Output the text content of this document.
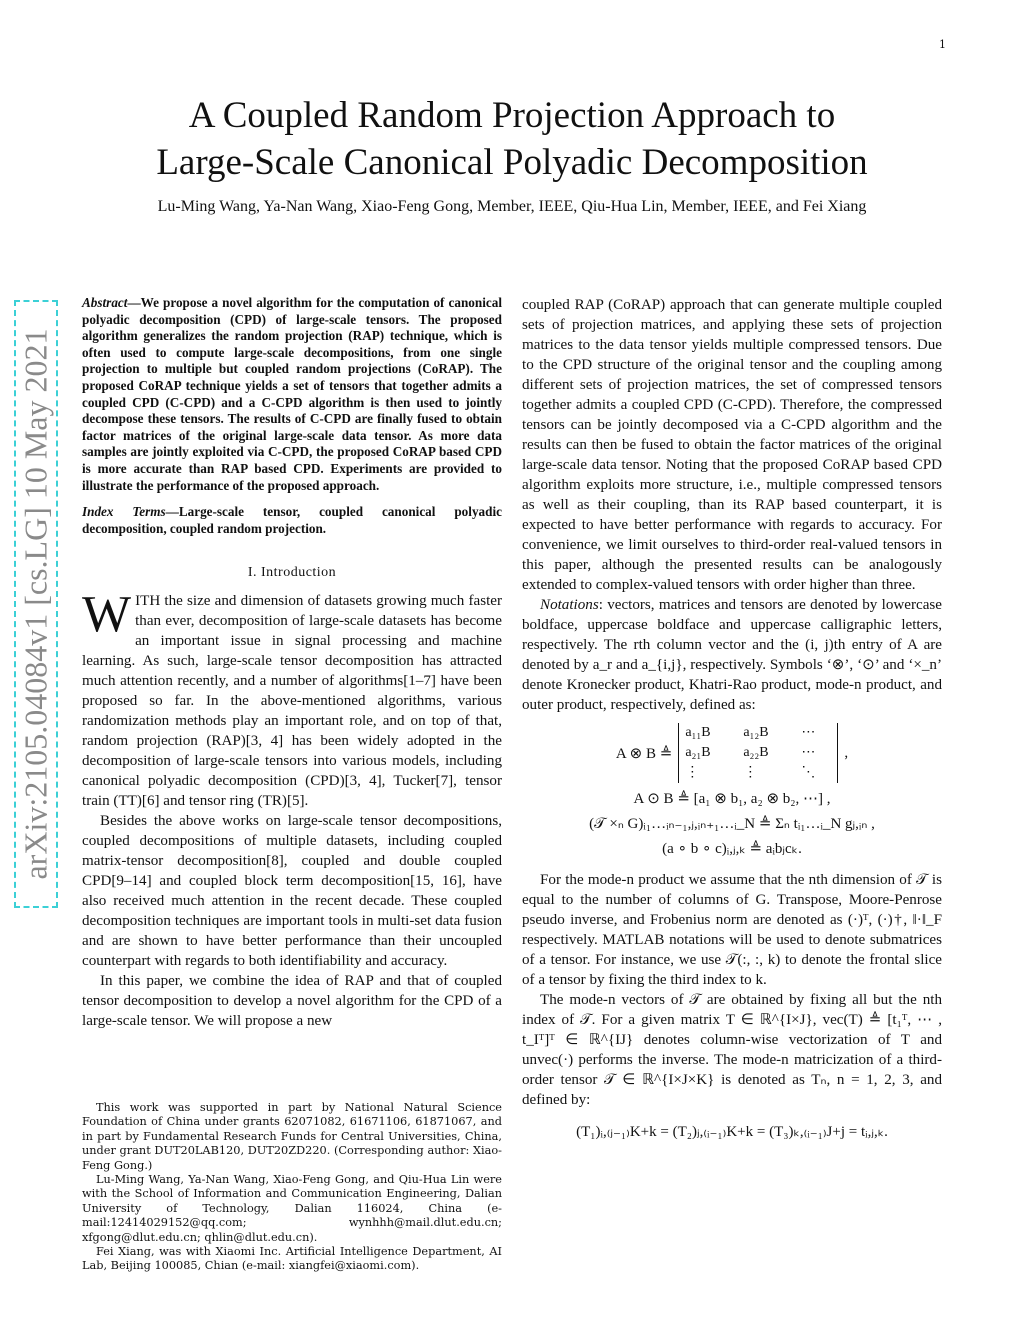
1
A Coupled Random Projection Approach to
Large-Scale Canonical Polyadic Decomposition
Lu-Ming Wang, Ya-Nan Wang, Xiao-Feng Gong, Member, IEEE, Qiu-Hua Lin, Member, IEEE, and Fei Xiang
arXiv:2105.04084v1 [cs.LG] 10 May 2021

Abstract—We propose a novel algorithm for the computation of canonical polyadic decomposition (CPD) of large-scale tensors. The proposed algorithm generalizes the random projection (RAP) technique, which is often used to compute large-scale decompositions, from one single projection to multiple but coupled random projections (CoRAP). The proposed CoRAP technique yields a set of tensors that together admits a coupled CPD (C-CPD) and a C-CPD algorithm is then used to jointly decompose these tensors. The results of C-CPD are finally fused to obtain factor matrices of the original large-scale data tensor. As more data samples are jointly exploited via C-CPD, the proposed CoRAP based CPD is more accurate than RAP based CPD. Experiments are provided to illustrate the performance of the proposed approach.

Index Terms—Large-scale tensor, coupled canonical polyadic decomposition, coupled random projection.

I. Introduction

WITH the size and dimension of datasets growing much faster than ever, decomposition of large-scale datasets has become an important issue in signal processing and machine learning. As such, large-scale tensor decomposition has attracted much attention recently, and a number of algorithms[1–7] have been proposed so far. In the above-mentioned algorithms, various randomization methods play an important role, and on top of that, random projection (RAP)[3, 4] has been widely adopted in the decomposition of large-scale tensors into various models, including canonical polyadic decomposition (CPD)[3, 4], Tucker[7], tensor train (TT)[6] and tensor ring (TR)[5].

Besides the above works on large-scale tensor decompositions, coupled decompositions of multiple datasets, including coupled matrix-tensor decomposition[8], coupled and double coupled CPD[9–14] and coupled block term decomposition[15, 16], have also received much attention in the recent decade. These coupled decomposition techniques are important tools in multi-set data fusion and are shown to have better performance than their uncoupled counterpart with regards to both identifiability and accuracy.

In this paper, we combine the idea of RAP and that of coupled tensor decomposition to develop a novel algorithm for the CPD of a large-scale tensor. We will propose a new

This work was supported in part by National Natural Science Foundation of China under grants 62071082, 61671106, 61871067, and in part by Fundamental Research Funds for Central Universities, China, under grant DUT20LAB120, DUT20ZD220. (Corresponding author: Xiao-Feng Gong.)

Lu-Ming Wang, Ya-Nan Wang, Xiao-Feng Gong, and Qiu-Hua Lin were with the School of Information and Communication Engineering, Dalian University of Technology, Dalian 116024, China (e-mail:12414029152@qq.com; wynhhh@mail.dlut.edu.cn; xfgong@dlut.edu.cn; qhlin@dlut.edu.cn).

Fei Xiang, was with Xiaomi Inc. Artificial Intelligence Department, AI Lab, Beijing 100085, Chian (e-mail: xiangfei@xiaomi.com).

coupled RAP (CoRAP) approach that can generate multiple coupled sets of projection matrices, and applying these sets of projection matrices to the data tensor yields multiple compressed tensors. Due to the CPD structure of the original tensor and the coupling among different sets of projection matrices, the set of compressed tensors together admits a coupled CPD (C-CPD). Therefore, the compressed tensors can be jointly decomposed via a C-CPD algorithm and the results can then be fused to obtain the factor matrices of the original large-scale data tensor. Noting that the proposed CoRAP based CPD algorithm exploits more structure, i.e., multiple compressed tensors as well as their coupling, than its RAP based counterpart, it is expected to have better performance with regards to accuracy. For convenience, we limit ourselves to third-order real-valued tensors in this paper, although the presented results can be analogously extended to complex-valued tensors with order higher than three.

Notations: vectors, matrices and tensors are denoted by lowercase boldface, uppercase boldface and uppercase calligraphic letters, respectively. The rth column vector and the (i, j)th entry of A are denoted by a_r and a_{i,j}, respectively. Symbols ‘⊗’, ‘⊙’ and ‘×_n’ denote Kronecker product, Khatri-Rao product, mode-n product, and outer product, respectively, defined as:

A ⊗ B ≜
a₁₁B	a₁₂B	⋯
a₂₁B	a₂₂B	⋯
⋮	⋮	⋱
,
A ⊙ B ≜ [a₁ ⊗ b₁, a₂ ⊗ b₂, ⋯] ,
(𝒯 ×ₙ G)ᵢ₁…ᵢₙ₋₁,ⱼ,ᵢₙ₊₁…ᵢ_N ≜ Σₙ tᵢ₁…ᵢ_N gⱼ,ᵢₙ ,
(a ∘ b ∘ c)ᵢ,ⱼ,ₖ ≜ aᵢbⱼcₖ.

For the mode-n product we assume that the nth dimension of 𝒯 is equal to the number of columns of G. Transpose, Moore-Penrose pseudo inverse, and Frobenius norm are denoted as (·)ᵀ, (·)†, ‖·‖_F respectively. MATLAB notations will be used to denote submatrices of a tensor. For instance, we use 𝒯(:, :, k) to denote the frontal slice of a tensor by fixing the third index to k.

The mode-n vectors of 𝒯 are obtained by fixing all but the nth index of 𝒯. For a given matrix T ∈ ℝ^{I×J}, vec(T) ≜ [t₁ᵀ, ⋯ , t_Iᵀ]ᵀ ∈ ℝ^{IJ} denotes column-wise vectorization of T and unvec(·) performs the inverse. The mode-n matricization of a third-order tensor 𝒯 ∈ ℝ^{I×J×K} is denoted as Tₙ, n = 1, 2, 3, and defined by:

(T₁)ᵢ,₍ⱼ₋₁₎K+k = (T₂)ⱼ,₍ᵢ₋₁₎K+k = (T₃)ₖ,₍ᵢ₋₁₎J+j = tᵢ,ⱼ,ₖ.
